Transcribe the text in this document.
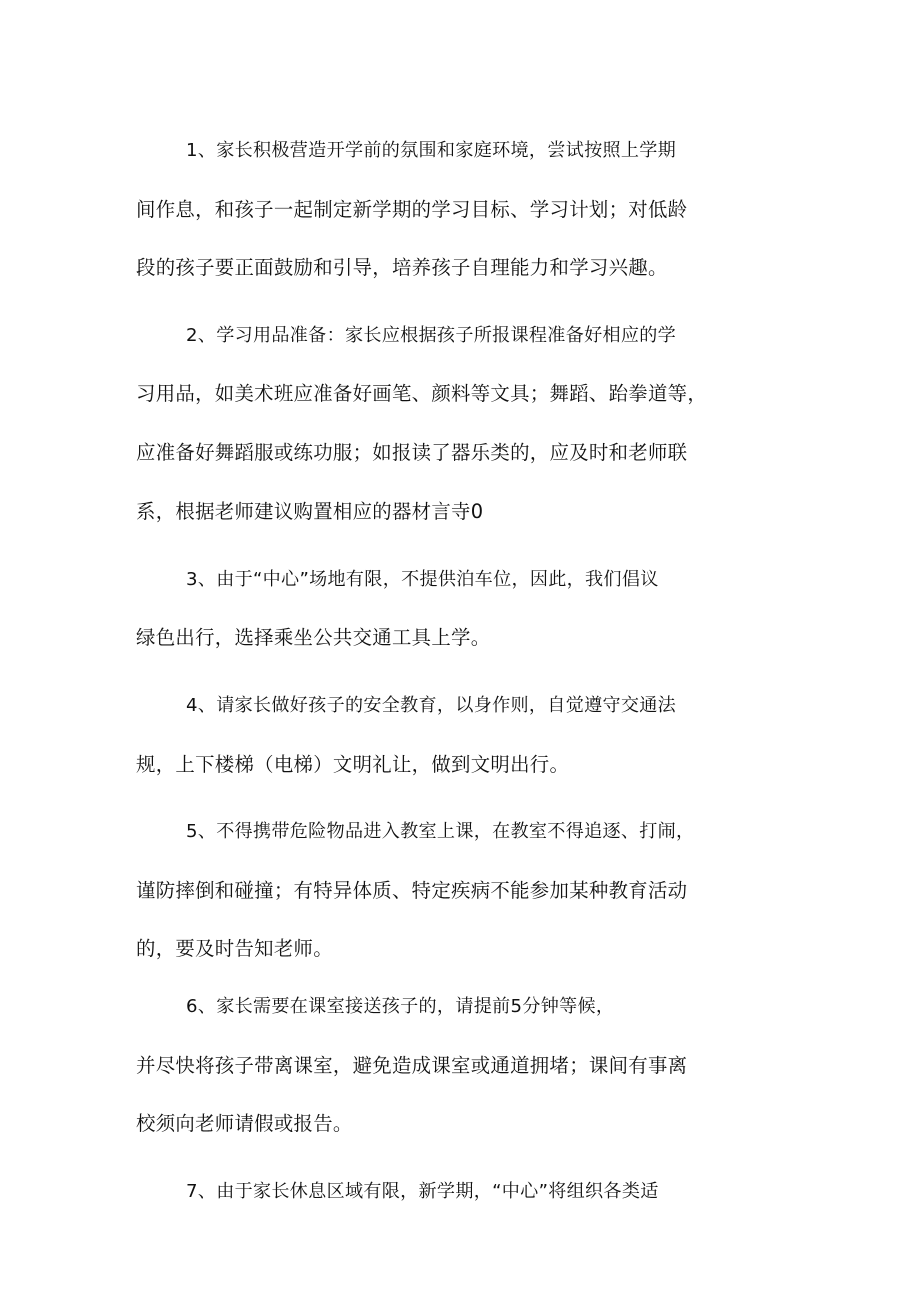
1、家长积极营造开学前的氛围和家庭环境，尝试按照上学期
间作息，和孩子一起制定新学期的学习目标、学习计划；对低龄
段的孩子要正面鼓励和引导，培养孩子自理能力和学习兴趣。
2、学习用品准备：家长应根据孩子所报课程准备好相应的学
习用品，如美术班应准备好画笔、颜料等文具；舞蹈、跆拳道等，
应准备好舞蹈服或练功服；如报读了器乐类的，应及时和老师联
系，根据老师建议购置相应的器材言寺0
3、由于“中心”场地有限，不提供泊车位，因此，我们倡议
绿色出行，选择乘坐公共交通工具上学。
4、请家长做好孩子的安全教育，以身作则，自觉遵守交通法
规，上下楼梯（电梯）文明礼让，做到文明出行。
5、不得携带危险物品进入教室上课，在教室不得追逐、打闹，
谨防摔倒和碰撞；有特异体质、特定疾病不能参加某种教育活动
的，要及时告知老师。
6、家长需要在课室接送孩子的，请提前5分钟等候，
并尽快将孩子带离课室，避免造成课室或通道拥堵；课间有事离
校须向老师请假或报告。
7、由于家长休息区域有限，新学期，“中心”将组织各类适
